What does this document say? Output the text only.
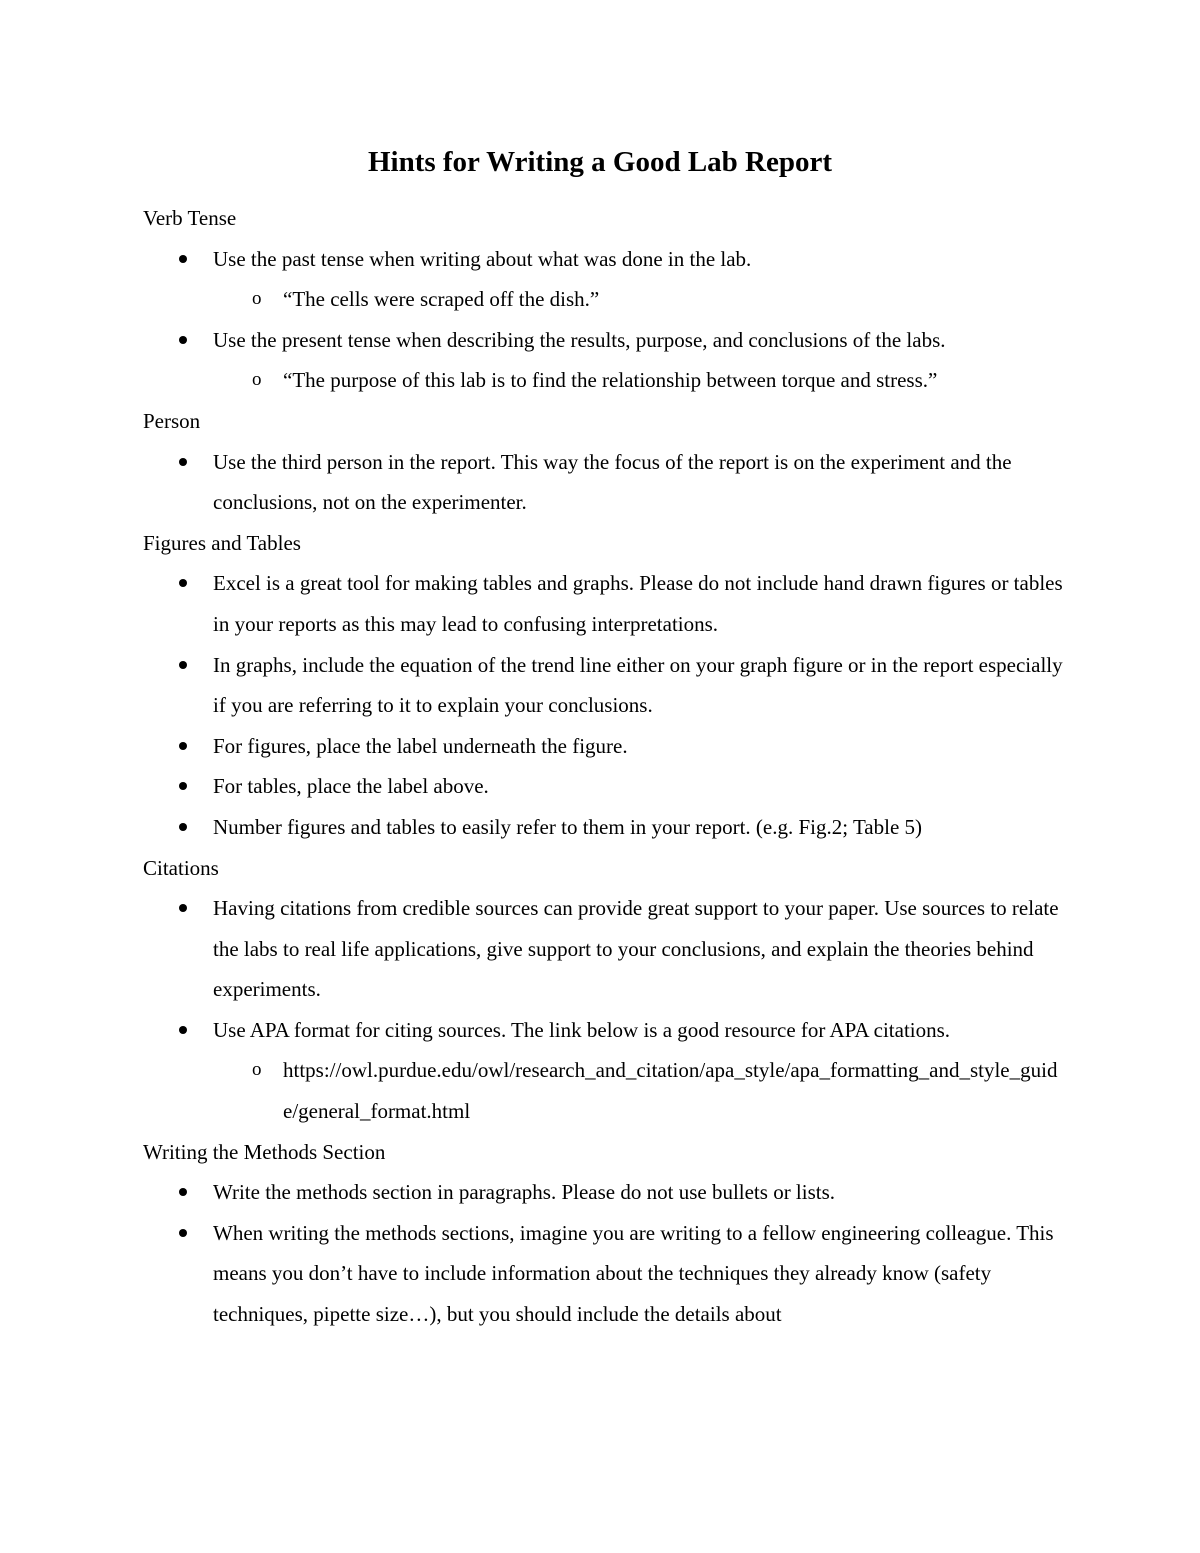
Hints for Writing a Good Lab Report
Verb Tense
Use the past tense when writing about what was done in the lab.
o “The cells were scraped off the dish.”
Use the present tense when describing the results, purpose, and conclusions of the labs.
o “The purpose of this lab is to find the relationship between torque and stress.”
Person
Use the third person in the report. This way the focus of the report is on the experiment and the conclusions, not on the experimenter.
Figures and Tables
Excel is a great tool for making tables and graphs. Please do not include hand drawn figures or tables in your reports as this may lead to confusing interpretations.
In graphs, include the equation of the trend line either on your graph figure or in the report especially if you are referring to it to explain your conclusions.
For figures, place the label underneath the figure.
For tables, place the label above.
Number figures and tables to easily refer to them in your report. (e.g. Fig.2; Table 5)
Citations
Having citations from credible sources can provide great support to your paper. Use sources to relate the labs to real life applications, give support to your conclusions, and explain the theories behind experiments.
Use APA format for citing sources. The link below is a good resource for APA citations.
o https://owl.purdue.edu/owl/research_and_citation/apa_style/apa_formatting_and_style_guide/general_format.html
Writing the Methods Section
Write the methods section in paragraphs. Please do not use bullets or lists.
When writing the methods sections, imagine you are writing to a fellow engineering colleague. This means you don’t have to include information about the techniques they already know (safety techniques, pipette size…), but you should include the details about
